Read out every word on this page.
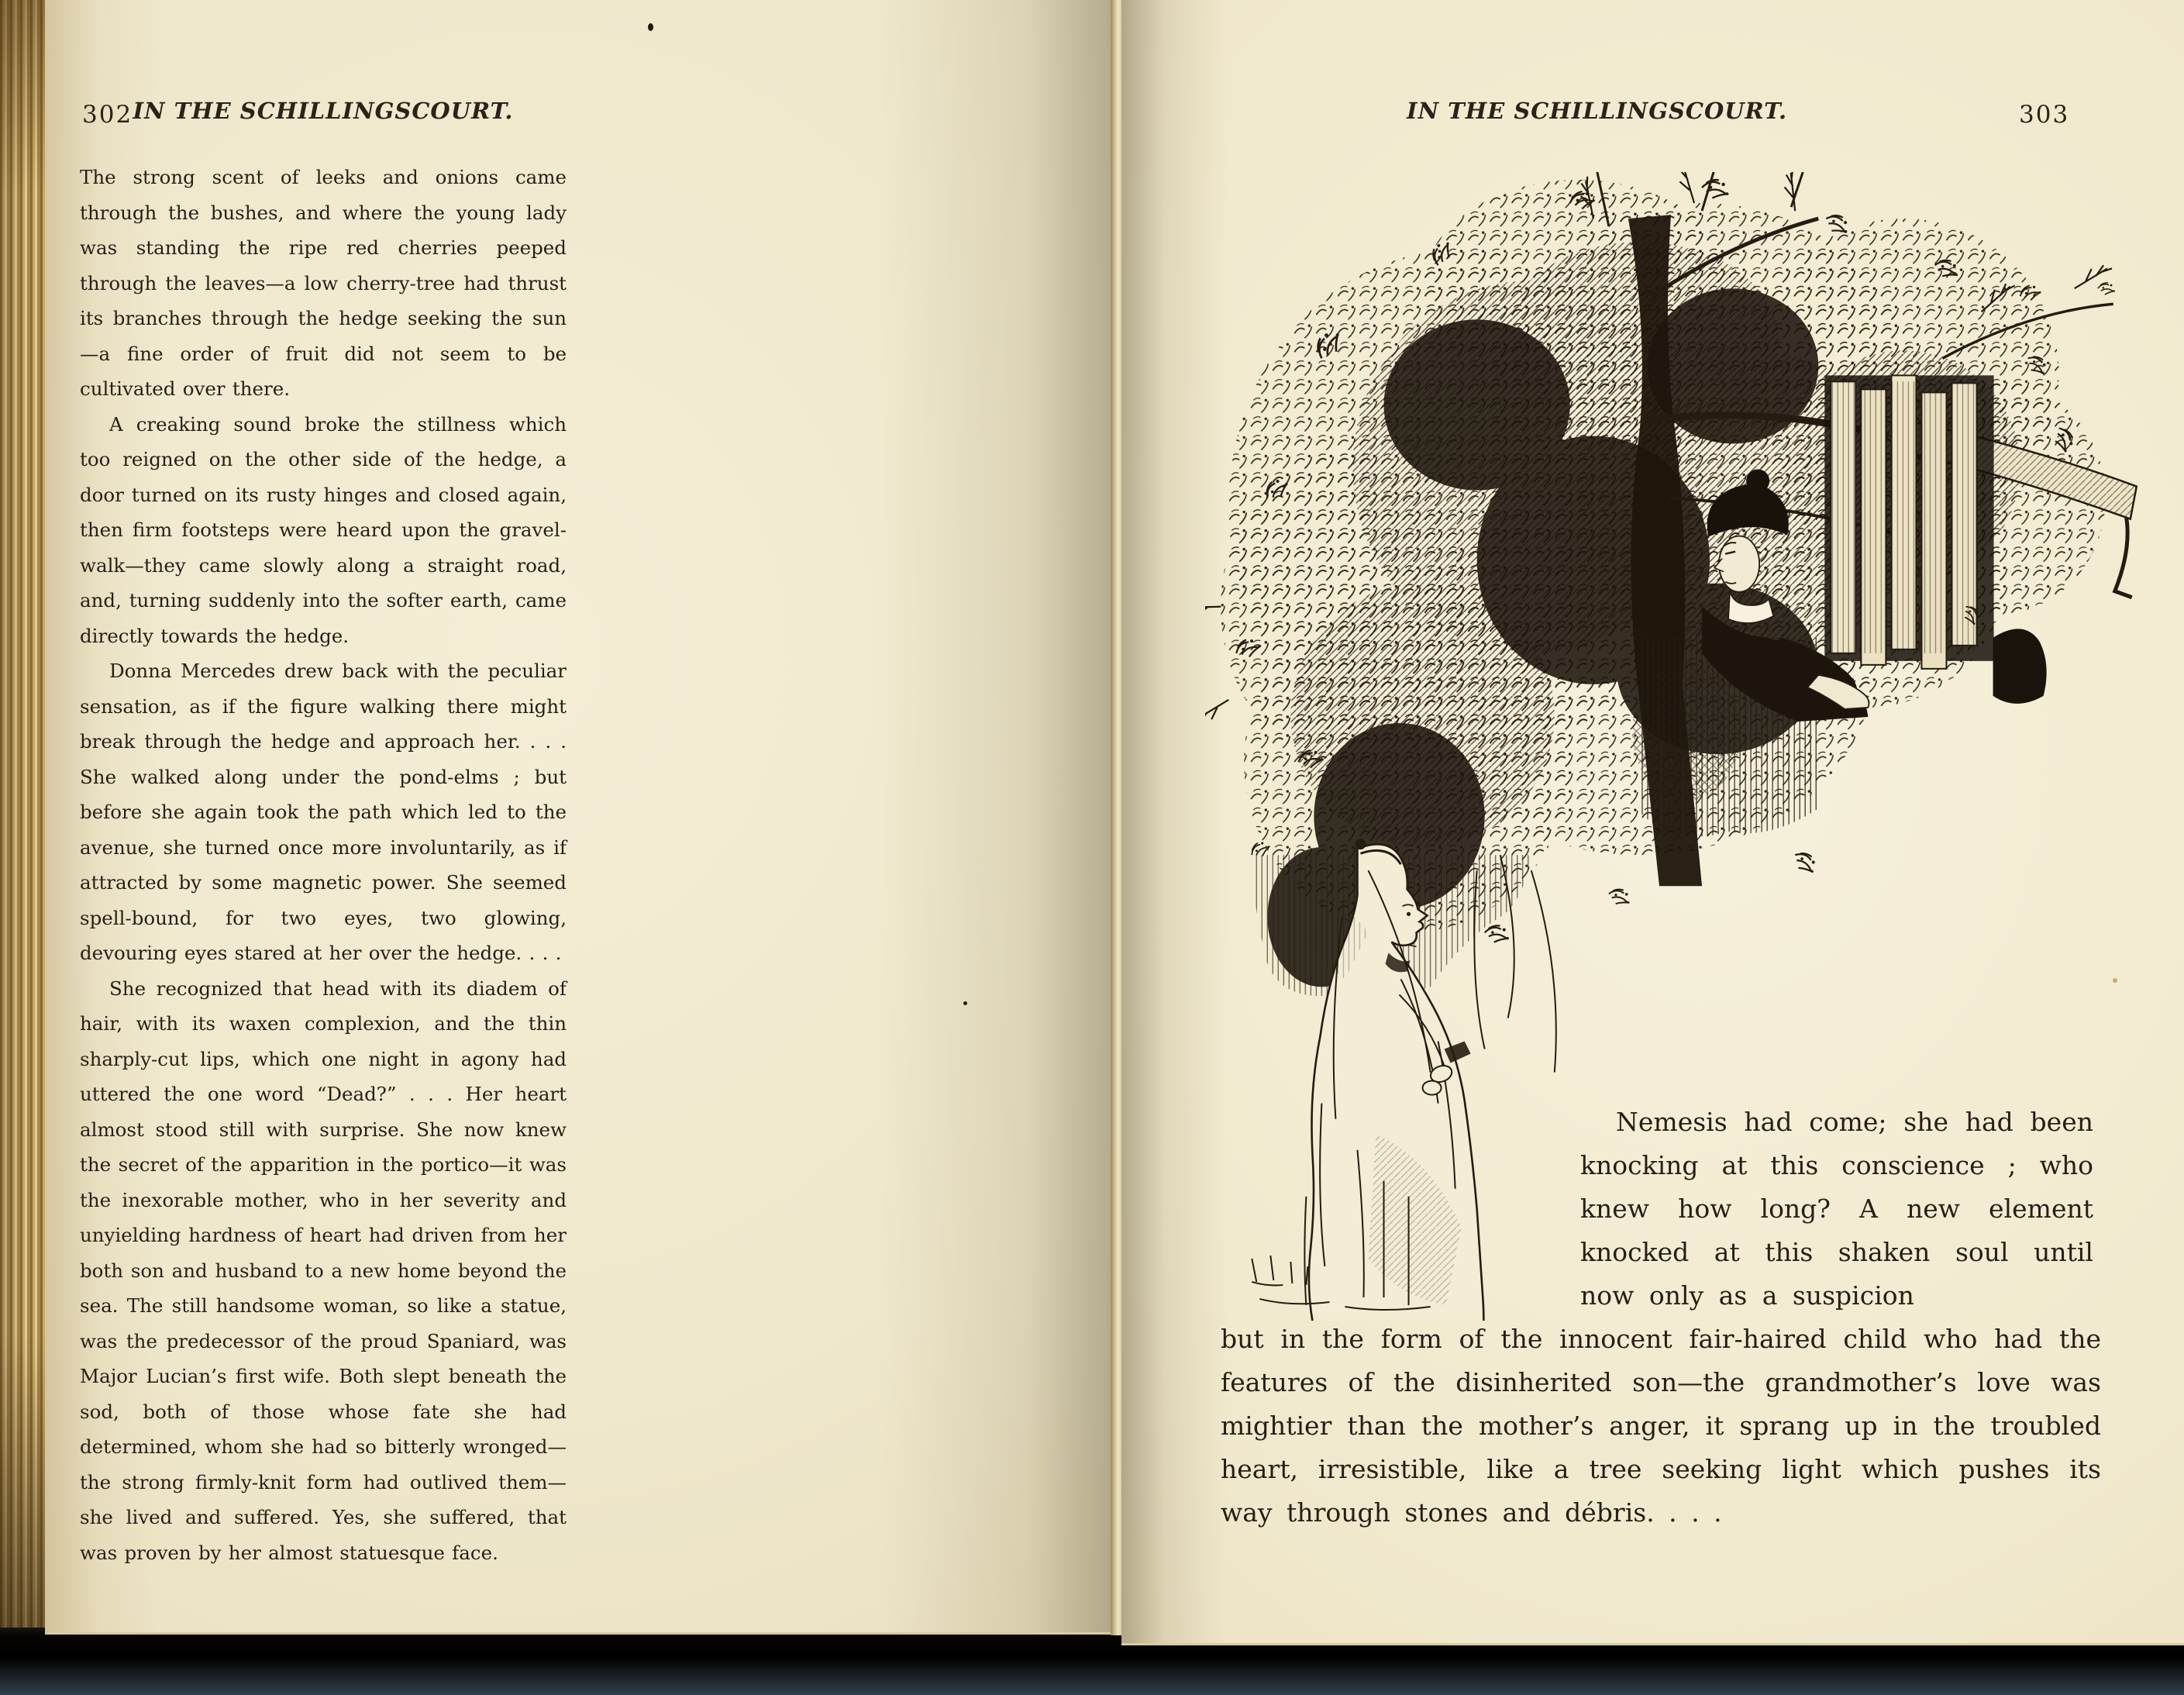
302 IN THE SCHILLINGSCOURT.

The strong scent of leeks and onions came through the bushes, and where the young lady was standing the ripe red cherries peeped through the leaves—a low cherry-tree had thrust its branches through the hedge seeking the sun —a fine order of fruit did not seem to be cultivated over there.

A creaking sound broke the stillness which too reigned on the other side of the hedge, a door turned on its rusty hinges and closed again, then firm footsteps were heard upon the gravel-walk—they came slowly along a straight road, and, turning suddenly into the softer earth, came directly towards the hedge.

Donna Mercedes drew back with the peculiar sensation, as if the figure walking there might break through the hedge and approach her. . . . She walked along under the pond-elms ; but before she again took the path which led to the avenue, she turned once more involuntarily, as if attracted by some magnetic power. She seemed spell-bound, for two eyes, two glowing, devouring eyes stared at her over the hedge. . . .

She recognized that head with its diadem of hair, with its waxen complexion, and the thin sharply-cut lips, which one night in agony had uttered the one word “Dead?” . . . Her heart almost stood still with surprise. She now knew the secret of the apparition in the portico—it was the inexorable mother, who in her severity and unyielding hardness of heart had driven from her both son and husband to a new home beyond the sea. The still handsome woman, so like a statue, was the predecessor of the proud Spaniard, was Major Lucian’s first wife. Both slept beneath the sod, both of those whose fate she had determined, whom she had so bitterly wronged—the strong firmly-knit form had outlived them—she lived and suffered. Yes, she suffered, that was proven by her almost statuesque face.

IN THE SCHILLINGSCOURT.	303
Nemesis had come; she had been knocking at this conscience ; who knew how long? A new element knocked at this shaken soul until now only as a suspicion
but in the form of the innocent fair-haired child who had the features of the disinherited son—the grandmother’s love was mightier than the mother’s anger, it sprang up in the troubled heart, irresistible, like a tree seeking light which pushes its way through stones and débris. . . .
